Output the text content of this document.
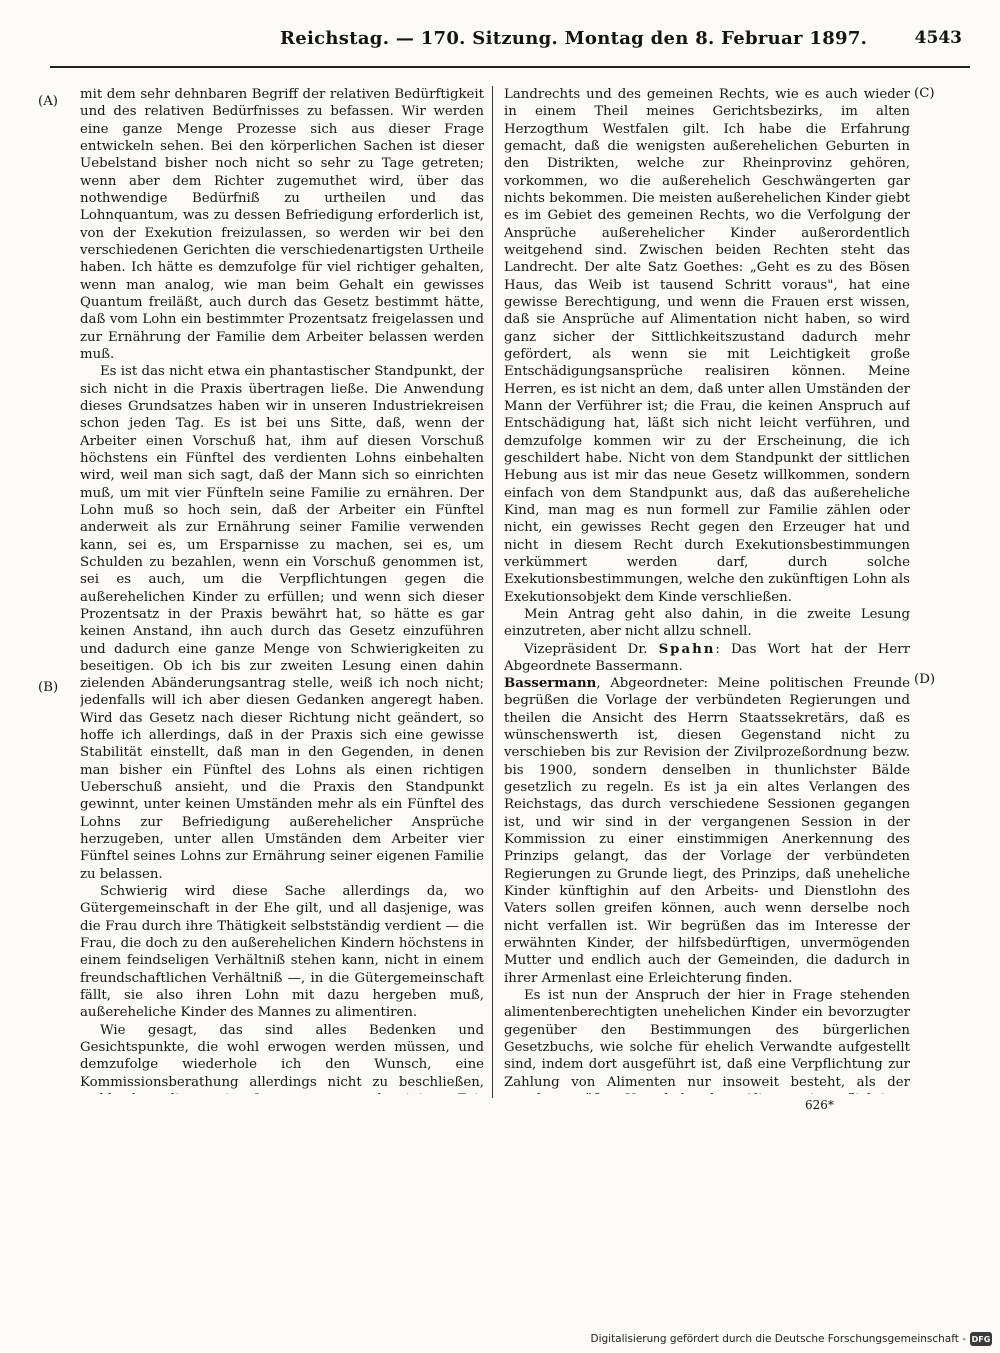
Reichstag. — 170. Sitzung. Montag den 8. Februar 1897.	4543
(A)
(B)
(C)
(D)

mit dem sehr dehnbaren Begriff der relativen Bedürftigkeit und des relativen Bedürfnisses zu befassen. Wir werden eine ganze Menge Prozesse sich aus dieser Frage entwickeln sehen. Bei den körperlichen Sachen ist dieser Uebelstand bisher noch nicht so sehr zu Tage getreten; wenn aber dem Richter zugemuthet wird, über das nothwendige Bedürfniß zu urtheilen und das Lohnquantum, was zu dessen Befriedigung erforderlich ist, von der Exekution freizulassen, so werden wir bei den verschiedenen Gerichten die verschiedenartigsten Urtheile haben. Ich hätte es demzufolge für viel richtiger gehalten, wenn man analog, wie man beim Gehalt ein gewisses Quantum freiläßt, auch durch das Gesetz bestimmt hätte, daß vom Lohn ein bestimmter Prozentsatz freigelassen und zur Ernährung der Familie dem Arbeiter belassen werden muß.

Es ist das nicht etwa ein phantastischer Standpunkt, der sich nicht in die Praxis übertragen ließe. Die Anwendung dieses Grundsatzes haben wir in unseren Industriekreisen schon jeden Tag. Es ist bei uns Sitte, daß, wenn der Arbeiter einen Vorschuß hat, ihm auf diesen Vorschuß höchstens ein Fünftel des verdienten Lohns einbehalten wird, weil man sich sagt, daß der Mann sich so einrichten muß, um mit vier Fünfteln seine Familie zu ernähren. Der Lohn muß so hoch sein, daß der Arbeiter ein Fünftel anderweit als zur Ernährung seiner Familie verwenden kann, sei es, um Ersparnisse zu machen, sei es, um Schulden zu bezahlen, wenn ein Vorschuß genommen ist, sei es auch, um die Verpflichtungen gegen die außerehelichen Kinder zu erfüllen; und wenn sich dieser Prozentsatz in der Praxis bewährt hat, so hätte es gar keinen Anstand, ihn auch durch das Gesetz einzuführen und dadurch eine ganze Menge von Schwierigkeiten zu beseitigen. Ob ich bis zur zweiten Lesung einen dahin zielenden Abänderungsantrag stelle, weiß ich noch nicht; jedenfalls will ich aber diesen Gedanken angeregt haben. Wird das Gesetz nach dieser Richtung nicht geändert, so hoffe ich allerdings, daß in der Praxis sich eine gewisse Stabilität einstellt, daß man in den Gegenden, in denen man bisher ein Fünftel des Lohns als einen richtigen Ueberschuß ansieht, und die Praxis den Standpunkt gewinnt, unter keinen Umständen mehr als ein Fünftel des Lohns zur Befriedigung außerehelicher Ansprüche herzugeben, unter allen Umständen dem Arbeiter vier Fünftel seines Lohns zur Ernährung seiner eigenen Familie zu belassen.

Schwierig wird diese Sache allerdings da, wo Gütergemeinschaft in der Ehe gilt, und all dasjenige, was die Frau durch ihre Thätigkeit selbstständig verdient — die Frau, die doch zu den außerehelichen Kindern höchstens in einem feindseligen Verhältniß stehen kann, nicht in einem freundschaftlichen Verhältniß —, in die Gütergemeinschaft fällt, sie also ihren Lohn mit dazu hergeben muß, außereheliche Kinder des Mannes zu alimentiren.

Wie gesagt, das sind alles Bedenken und Gesichtspunkte, die wohl erwogen werden müssen, und demzufolge wiederhole ich den Wunsch, eine Kommissionsberathung allerdings nicht zu beschließen,

Landrechts und des gemeinen Rechts, wie es auch wieder in einem Theil meines Gerichtsbezirks, im alten Herzogthum Westfalen gilt. Ich habe die Erfahrung gemacht, daß die wenigsten außerehelichen Geburten in den Distrikten, welche zur Rheinprovinz gehören, vorkommen, wo die außerehelich Geschwängerten gar nichts bekommen. Die meisten außerehelichen Kinder giebt es im Gebiet des gemeinen Rechts, wo die Verfolgung der Ansprüche außerehelicher Kinder außerordentlich weitgehend sind. Zwischen beiden Rechten steht das Landrecht. Der alte Satz Goethes: „Geht es zu des Bösen Haus, das Weib ist tausend Schritt voraus", hat eine gewisse Berechtigung, und wenn die Frauen erst wissen, daß sie Ansprüche auf Alimentation nicht haben, so wird ganz sicher der Sittlichkeitszustand dadurch mehr gefördert, als wenn sie mit Leichtigkeit große Entschädigungsansprüche realisiren können. Meine Herren, es ist nicht an dem, daß unter allen Umständen der Mann der Verführer ist; die Frau, die keinen Anspruch auf Entschädigung hat, läßt sich nicht leicht verführen, und demzufolge kommen wir zu der Erscheinung, die ich geschildert habe. Nicht von dem Standpunkt der sittlichen Hebung aus ist mir das neue Gesetz willkommen, sondern einfach von dem Standpunkt aus, daß das außereheliche Kind, man mag es nun formell zur Familie zählen oder nicht, ein gewisses Recht gegen den Erzeuger hat und nicht in diesem Recht durch Exekutionsbestimmungen verkümmert werden darf, durch solche Exekutionsbestimmungen, welche den zukünftigen Lohn als Exekutionsobjekt dem Kinde verschließen.

Mein Antrag geht also dahin, in die zweite Lesung einzutreten, aber nicht allzu schnell.

Vizepräsident Dr. Spahn: Das Wort hat der Herr Abgeordnete Bassermann.

Bassermann, Abgeordneter: Meine politischen Freunde begrüßen die Vorlage der verbündeten Regierungen und theilen die Ansicht des Herrn Staatssekretärs, daß es wünschenswerth ist, diesen Gegenstand nicht zu verschieben bis zur Revision der Zivilprozeßordnung bezw. bis 1900, sondern denselben in thunlichster Bälde gesetzlich zu regeln. Es ist ja ein altes Verlangen des Reichstags, das durch verschiedene Sessionen gegangen ist, und wir sind in der vergangenen Session in der Kommission zu einer einstimmigen Anerkennung des Prinzips gelangt, das der Vorlage der verbündeten Regierungen zu Grunde liegt, des Prinzips, daß uneheliche Kinder künftighin auf den Arbeits- und Dienstlohn des Vaters sollen greifen können, auch wenn derselbe noch nicht verfallen ist. Wir begrüßen das im Interesse der erwähnten Kinder, der hilfsbedürftigen, unvermögenden Mutter und endlich auch der Gemeinden, die dadurch in ihrer Armenlast eine Erleichterung finden.

Es ist nun der Anspruch der hier in Frage stehenden alimentenberechtigten unehelichen Kinder ein bevorzugter gegenüber den Bestimmungen des bürgerlichen Gesetzbuchs, wie solche für ehelich Verwandte aufgestellt sind, indem dort ausgeführt ist, daß eine Verpflichtung zur Zahlung von Alimenten nur insoweit besteht, als der

626*
Digitalisierung gefördert durch die Deutsche Forschungsgemeinschaft - DFG
